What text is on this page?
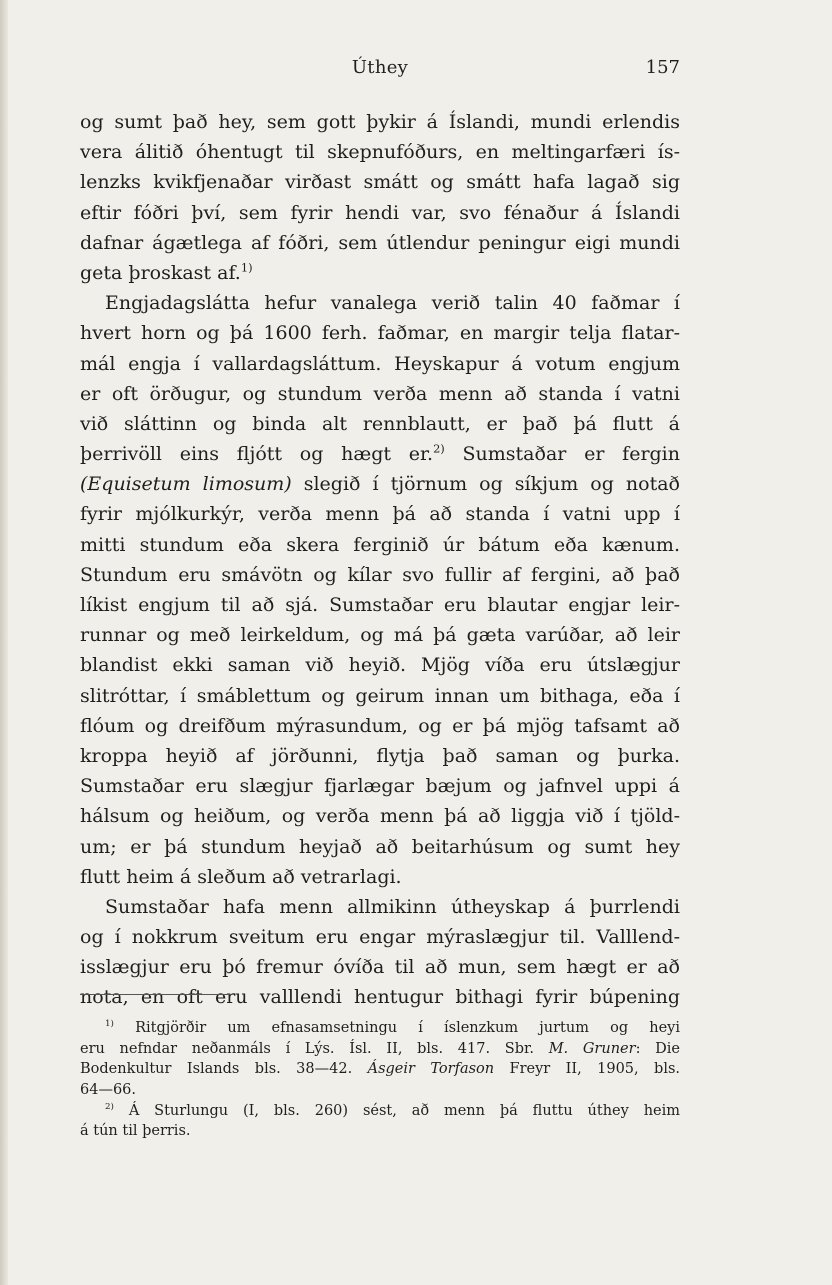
Úthey	157
og sumt það hey, sem gott þykir á Íslandi, mundi erlendis
vera álitið óhentugt til skepnufóðurs, en meltingarfæri ís-
lenzks kvikfjenaðar virðast smátt og smátt hafa lagað sig
eftir fóðri því, sem fyrir hendi var, svo fénaður á Íslandi
dafnar ágætlega af fóðri, sem útlendur peningur eigi mundi
geta þroskast af.$^{1)}$
Engjadagslátta hefur vanalega verið talin 40 faðmar í
hvert horn og þá 1600 ferh. faðmar, en margir telja flatar-
mál engja í vallardagsláttum. Heyskapur á votum engjum
er oft örðugur, og stundum verða menn að standa í vatni
við sláttinn og binda alt rennblautt, er það þá flutt á
þerrivöll eins fljótt og hægt er.$^{2)}$ Sumstaðar er fergin
(Equisetum limosum) slegið í tjörnum og síkjum og notað
fyrir mjólkurkýr, verða menn þá að standa í vatni upp í
mitti stundum eða skera ferginið úr bátum eða kænum.
Stundum eru smávötn og kílar svo fullir af fergini, að það
líkist engjum til að sjá. Sumstaðar eru blautar engjar leir-
runnar og með leirkeldum, og má þá gæta varúðar, að leir
blandist ekki saman við heyið. Mjög víða eru útslægjur
slitróttar, í smáblettum og geirum innan um bithaga, eða í
flóum og dreifðum mýrasundum, og er þá mjög tafsamt að
kroppa heyið af jörðunni, flytja það saman og þurka.
Sumstaðar eru slægjur fjarlægar bæjum og jafnvel uppi á
hálsum og heiðum, og verða menn þá að liggja við í tjöld-
um; er þá stundum heyjað að beitarhúsum og sumt hey
flutt heim á sleðum að vetrarlagi.
Sumstaðar hafa menn allmikinn útheyskap á þurrlendi
og í nokkrum sveitum eru engar mýraslægjur til. Valllend-
isslægjur eru þó fremur óvíða til að mun, sem hægt er að
nota, en oft eru valllendi hentugur bithagi fyrir búpening
$^{1)}$ Ritgjörðir um efnasamsetningu í íslenzkum jurtum og heyi
eru nefndar neðanmáls í Lýs. Ísl. II, bls. 417. Sbr. M. Gruner: Die
Bodenkultur Islands bls. 38—42. Ásgeir Torfason Freyr II, 1905, bls.
64—66.
$^{2)}$ Á Sturlungu (I, bls. 260) sést, að menn þá fluttu úthey heim
á tún til þerris.
